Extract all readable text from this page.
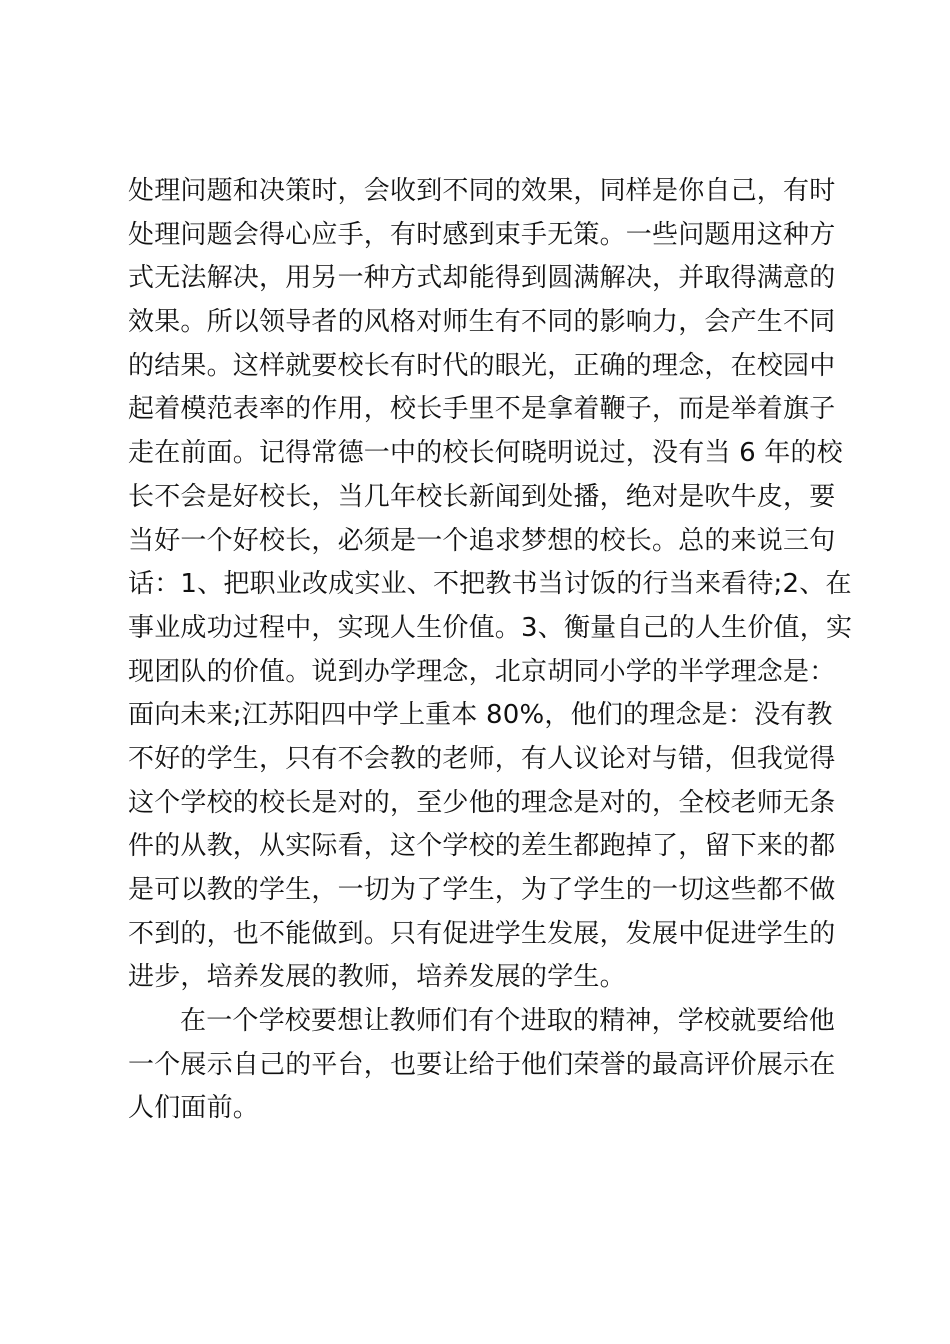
处理问题和决策时，会收到不同的效果，同样是你自己，有时
处理问题会得心应手，有时感到束手无策。一些问题用这种方
式无法解决，用另一种方式却能得到圆满解决，并取得满意的
效果。所以领导者的风格对师生有不同的影响力，会产生不同
的结果。这样就要校长有时代的眼光，正确的理念，在校园中
起着模范表率的作用，校长手里不是拿着鞭子，而是举着旗子
走在前面。记得常德一中的校长何晓明说过，没有当 6 年的校
长不会是好校长，当几年校长新闻到处播，绝对是吹牛皮，要
当好一个好校长，必须是一个追求梦想的校长。总的来说三句
话：1、把职业改成实业、不把教书当讨饭的行当来看待;2、在
事业成功过程中，实现人生价值。3、衡量自己的人生价值，实
现团队的价值。说到办学理念，北京胡同小学的半学理念是：
面向未来;江苏阳四中学上重本 80%，他们的理念是：没有教
不好的学生，只有不会教的老师，有人议论对与错，但我觉得
这个学校的校长是对的，至少他的理念是对的，全校老师无条
件的从教，从实际看，这个学校的差生都跑掉了，留下来的都
是可以教的学生，一切为了学生，为了学生的一切这些都不做
不到的，也不能做到。只有促进学生发展，发展中促进学生的
进步，培养发展的教师，培养发展的学生。
在一个学校要想让教师们有个进取的精神，学校就要给他
一个展示自己的平台，也要让给于他们荣誉的最高评价展示在
人们面前。
